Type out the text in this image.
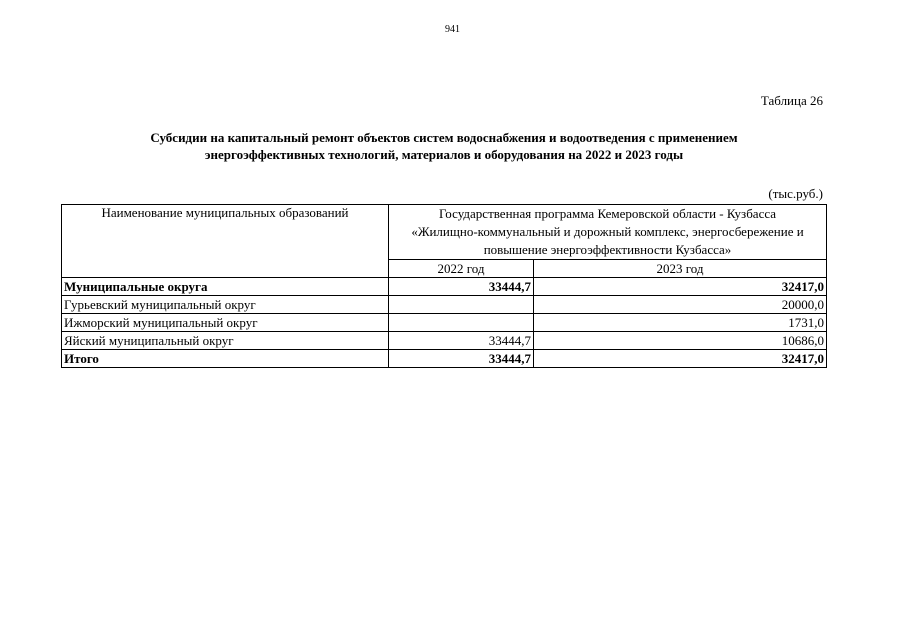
941
Таблица 26
Субсидии на капитальный ремонт объектов систем водоснабжения и водоотведения с применением
энергоэффективных технологий, материалов и оборудования на 2022 и 2023 годы
(тыс.руб.)
Наименование муниципальных образований	Государственная программа Кемеровской области - Кузбасса
«Жилищно-коммунальный и дорожный комплекс, энергосбережение и
повышение энергоэффективности Кузбасса»	

	2022 год	2023 год
Муниципальные округа	33444,7	32417,0
Гурьевский муниципальный округ		20000,0
Ижморский муниципальный округ		1731,0
Яйский муниципальный округ	33444,7	10686,0
Итого	33444,7	32417,0
